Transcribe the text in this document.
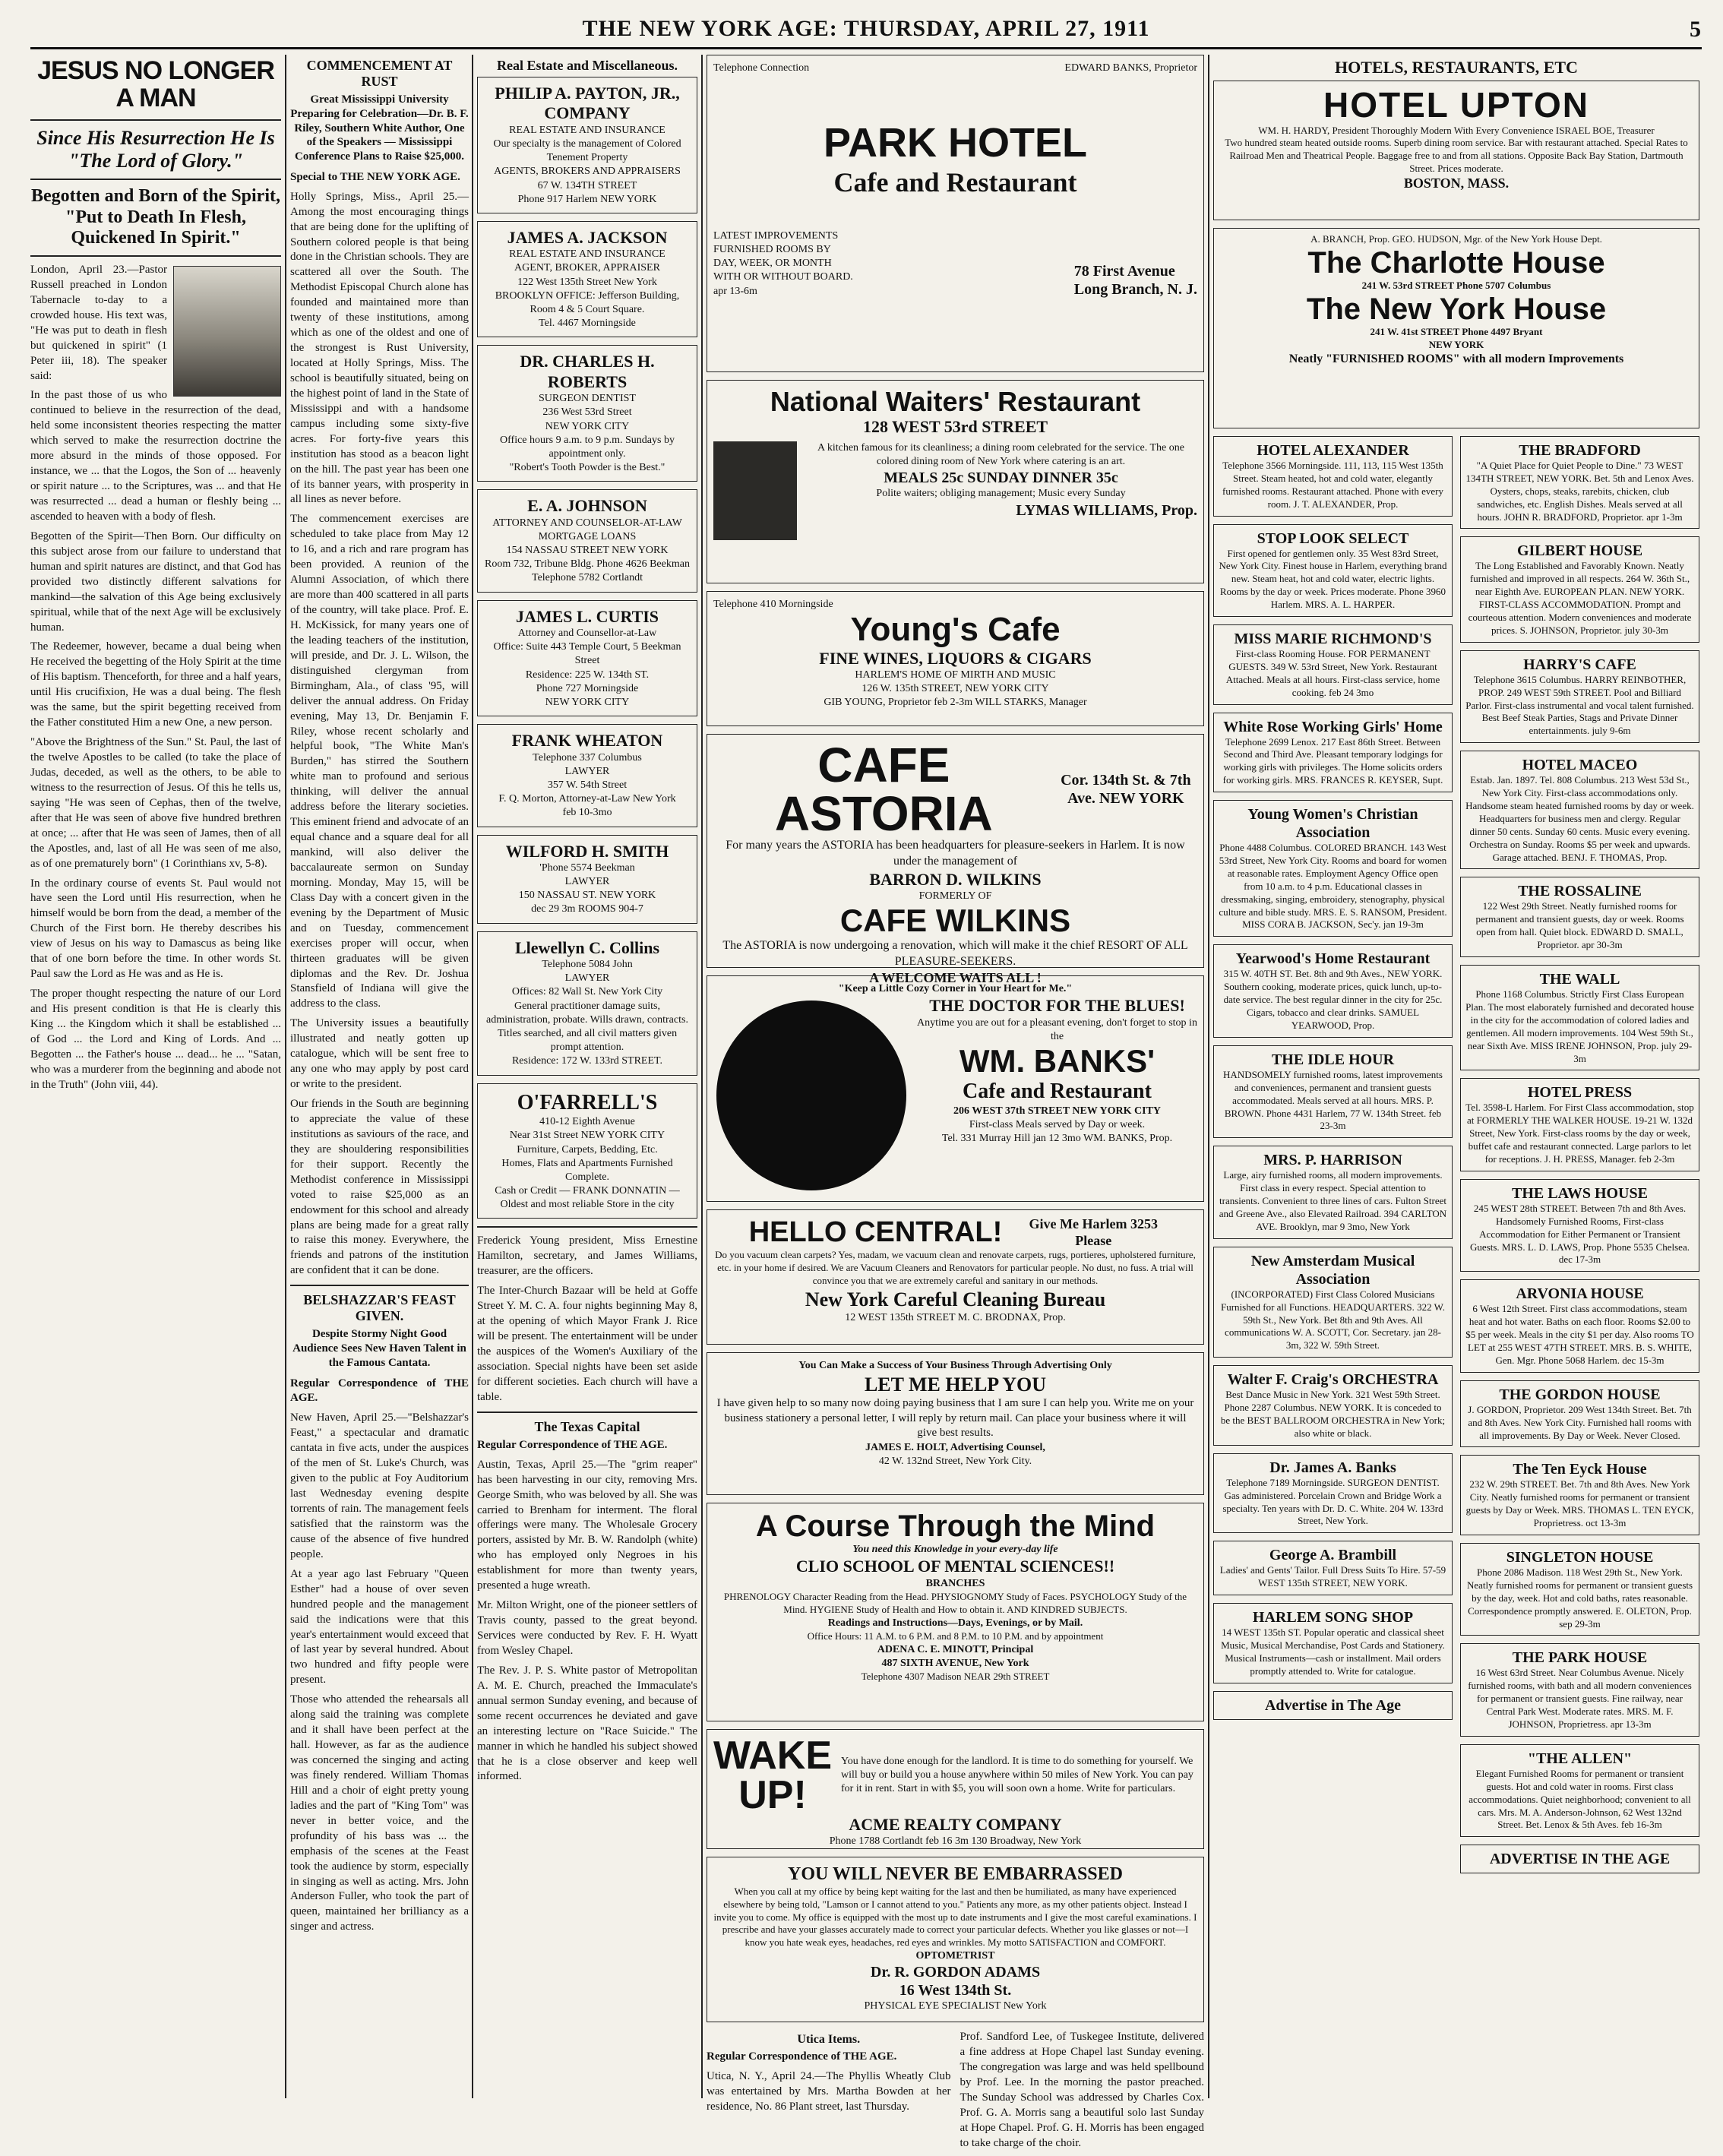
THE NEW YORK AGE: THURSDAY, APRIL 27, 1911	5
JESUS NO LONGER A MAN
Since His Resurrection He Is "The Lord of Glory."
Begotten and Born of the Spirit, "Put to Death In Flesh, Quickened In Spirit."

London, April 23.—Pastor Russell preached in London Tabernacle to-day to a crowded house. His text was, "He was put to death in flesh but quickened in spirit" (1 Peter iii, 18). The speaker said:

In the past those of us who continued to believe in the resurrection of the dead, held some inconsistent theories respecting the matter which served to make the resurrection doctrine the more absurd in the minds of those opposed. For instance, we ... that the Logos, the Son of ... heavenly or spirit nature ... to the Scriptures, was ... and that He was resurrected ... dead a human or fleshly being ... ascended to heaven with a body of flesh.

Begotten of the Spirit—Then Born. Our difficulty on this subject arose from our failure to understand that human and spirit natures are distinct, and that God has provided two distinctly different salvations for mankind—the salvation of this Age being exclusively spiritual, while that of the next Age will be exclusively human.

The Redeemer, however, became a dual being when He received the begetting of the Holy Spirit at the time of His baptism. Thenceforth, for three and a half years, until His crucifixion, He was a dual being. The flesh was the same, but the spirit begetting received from the Father constituted Him a new One, a new person.

"Above the Brightness of the Sun." St. Paul, the last of the twelve Apostles to be called (to take the place of Judas, deceded, as well as the others, to be able to witness to the resurrection of Jesus. Of this he tells us, saying "He was seen of Cephas, then of the twelve, after that He was seen of above five hundred brethren at once; ... after that He was seen of James, then of all the Apostles, and, last of all He was seen of me also, as of one prematurely born" (1 Corinthians xv, 5-8).

In the ordinary course of events St. Paul would not have seen the Lord until His resurrection, when he himself would be born from the dead, a member of the Church of the First born. He thereby describes his view of Jesus on his way to Damascus as being like that of one born before the time. In other words St. Paul saw the Lord as He was and as He is.

The proper thought respecting the nature of our Lord and His present condition is that He is clearly this King ... the Kingdom which it shall be established ... of God ... the Lord and King of Lords. And ... Begotten ... the Father's house ... dead... he ... "Satan, who was a murderer from the beginning and abode not in the Truth" (John viii, 44).

COMMENCEMENT AT RUST
Great Mississippi University Preparing for Celebration—Dr. B. F. Riley, Southern White Author, One of the Speakers — Mississippi Conference Plans to Raise $25,000.

Special to THE NEW YORK AGE.

Holly Springs, Miss., April 25.—Among the most encouraging things that are being done for the uplifting of Southern colored people is that being done in the Christian schools. They are scattered all over the South. The Methodist Episcopal Church alone has founded and maintained more than twenty of these institutions, among which as one of the oldest and one of the strongest is Rust University, located at Holly Springs, Miss. The school is beautifully situated, being on the highest point of land in the State of Mississippi and with a handsome campus including some sixty-five acres. For forty-five years this institution has stood as a beacon light on the hill. The past year has been one of its banner years, with prosperity in all lines as never before.

The commencement exercises are scheduled to take place from May 12 to 16, and a rich and rare program has been provided. A reunion of the Alumni Association, of which there are more than 400 scattered in all parts of the country, will take place. Prof. E. H. McKissick, for many years one of the leading teachers of the institution, will preside, and Dr. J. L. Wilson, the distinguished clergyman from Birmingham, Ala., of class '95, will deliver the annual address. On Friday evening, May 13, Dr. Benjamin F. Riley, whose recent scholarly and helpful book, "The White Man's Burden," has stirred the Southern white man to profound and serious thinking, will deliver the annual address before the literary societies. This eminent friend and advocate of an equal chance and a square deal for all mankind, will also deliver the baccalaureate sermon on Sunday morning. Monday, May 15, will be Class Day with a concert given in the evening by the Department of Music and on Tuesday, commencement exercises proper will occur, when thirteen graduates will be given diplomas and the Rev. Dr. Joshua Stansfield of Indiana will give the address to the class.

The University issues a beautifully illustrated and neatly gotten up catalogue, which will be sent free to any one who may apply by post card or write to the president.

Our friends in the South are beginning to appreciate the value of these institutions as saviours of the race, and they are shouldering responsibilities for their support. Recently the Methodist conference in Mississippi voted to raise $25,000 as an endowment for this school and already plans are being made for a great rally to raise this money. Everywhere, the friends and patrons of the institution are confident that it can be done.

BELSHAZZAR'S FEAST GIVEN.
Despite Stormy Night Good Audience Sees New Haven Talent in the Famous Cantata.

Regular Correspondence of THE AGE.

New Haven, April 25.—"Belshazzar's Feast," a spectacular and dramatic cantata in five acts, under the auspices of the men of St. Luke's Church, was given to the public at Foy Auditorium last Wednesday evening despite torrents of rain. The management feels satisfied that the rainstorm was the cause of the absence of five hundred people.

At a year ago last February "Queen Esther" had a house of over seven hundred people and the management said the indications were that this year's entertainment would exceed that of last year by several hundred. About two hundred and fifty people were present.

Those who attended the rehearsals all along said the training was complete and it shall have been perfect at the hall. However, as far as the audience was concerned the singing and acting was finely rendered. William Thomas Hill and a choir of eight pretty young ladies and the part of "King Tom" was never in better voice, and the profundity of his bass was ... the emphasis of the scenes at the Feast took the audience by storm, especially in singing as well as acting. Mrs. John Anderson Fuller, who took the part of queen, maintained her brilliancy as a singer and actress.

Real Estate and Miscellaneous.
PHILIP A. PAYTON, JR., COMPANY
REAL ESTATE AND INSURANCE
Our specialty is the management of Colored Tenement Property
AGENTS, BROKERS AND APPRAISERS
67 W. 134TH STREET
Phone 917 Harlem NEW YORK
JAMES A. JACKSON
REAL ESTATE AND INSURANCE
AGENT, BROKER, APPRAISER
122 West 135th Street New York
BROOKLYN OFFICE: Jefferson Building, Room 4 & 5 Court Square.
Tel. 4467 Morningside
DR. CHARLES H. ROBERTS
SURGEON DENTIST
236 West 53rd Street
NEW YORK CITY
Office hours 9 a.m. to 9 p.m. Sundays by appointment only.
"Robert's Tooth Powder is the Best."
E. A. JOHNSON
ATTORNEY AND COUNSELOR-AT-LAW
MORTGAGE LOANS
154 NASSAU STREET NEW YORK
Room 732, Tribune Bldg. Phone 4626 Beekman
Telephone 5782 Cortlandt
JAMES L. CURTIS
Attorney and Counsellor-at-Law
Office: Suite 443 Temple Court, 5 Beekman Street
Residence: 225 W. 134th ST.
Phone 727 Morningside
NEW YORK CITY
FRANK WHEATON
Telephone 337 Columbus
LAWYER
357 W. 54th Street
F. Q. Morton, Attorney-at-Law New York
feb 10-3mo
WILFORD H. SMITH
'Phone 5574 Beekman
LAWYER
150 NASSAU ST. NEW YORK
dec 29 3m ROOMS 904-7
Llewellyn C. Collins
Telephone 5084 John
LAWYER
Offices: 82 Wall St. New York City
General practitioner damage suits, administration, probate. Wills drawn, contracts. Titles searched, and all civil matters given prompt attention.
Residence: 172 W. 133rd STREET.
O'FARRELL'S
410-12 Eighth Avenue
Near 31st Street NEW YORK CITY
Furniture, Carpets, Bedding, Etc.
Homes, Flats and Apartments Furnished Complete.
Cash or Credit — FRANK DONNATIN — Oldest and most reliable Store in the city

Frederick Young president, Miss Ernestine Hamilton, secretary, and James Williams, treasurer, are the officers.

The Inter-Church Bazaar will be held at Goffe Street Y. M. C. A. four nights beginning May 8, at the opening of which Mayor Frank J. Rice will be present. The entertainment will be under the auspices of the Women's Auxiliary of the association. Special nights have been set aside for different societies. Each church will have a table.

The Texas Capital

Regular Correspondence of THE AGE.

Austin, Texas, April 25.—The "grim reaper" has been harvesting in our city, removing Mrs. George Smith, who was beloved by all. She was carried to Brenham for interment. The floral offerings were many. The Wholesale Grocery porters, assisted by Mr. B. W. Randolph (white) who has employed only Negroes in his establishment for more than twenty years, presented a huge wreath.

Mr. Milton Wright, one of the pioneer settlers of Travis county, passed to the great beyond. Services were conducted by Rev. F. H. Wyatt from Wesley Chapel.

The Rev. J. P. S. White pastor of Metropolitan A. M. E. Church, preached the Immaculate's annual sermon Sunday evening, and because of some recent occurrences he deviated and gave an interesting lecture on "Race Suicide." The manner in which he handled his subject showed that he is a close observer and keep well informed.

Telephone Connection	EDWARD BANKS, Proprietor
PARK HOTEL
Cafe and Restaurant
LATEST IMPROVEMENTS
FURNISHED ROOMS BY
DAY, WEEK, OR MONTH
WITH OR WITHOUT BOARD.
apr 13-6m
78 First Avenue
Long Branch, N. J.
National Waiters' Restaurant
128 WEST 53rd STREET
A kitchen famous for its cleanliness; a dining room celebrated for the service. The one colored dining room of New York where catering is an art.
MEALS 25c SUNDAY DINNER 35c
Polite waiters; obliging management; Music every Sunday
LYMAS WILLIAMS, Prop.
Telephone 410 Morningside
Young's Cafe
FINE WINES, LIQUORS & CIGARS
HARLEM'S HOME OF MIRTH AND MUSIC
126 W. 135th STREET, NEW YORK CITY
GIB YOUNG, Proprietor feb 2-3m WILL STARKS, Manager
CAFE ASTORIA
Cor. 134th St. & 7th Ave. NEW YORK
For many years the ASTORIA has been headquarters for pleasure-seekers in Harlem. It is now under the management of
BARRON D. WILKINS
FORMERLY OF
CAFE WILKINS
The ASTORIA is now undergoing a renovation, which will make it the chief RESORT OF ALL PLEASURE-SEEKERS.
A WELCOME WAITS ALL !
"Keep a Little Cozy Corner in Your Heart for Me."
THE DOCTOR FOR THE BLUES!
Anytime you are out for a pleasant evening, don't forget to stop in the
WM. BANKS'
Cafe and Restaurant
206 WEST 37th STREET NEW YORK CITY
First-class Meals served by Day or week.
Tel. 331 Murray Hill jan 12 3mo WM. BANKS, Prop.
HELLO CENTRAL! Give Me Harlem 3253 Please
Do you vacuum clean carpets? Yes, madam, we vacuum clean and renovate carpets, rugs, portieres, upholstered furniture, etc. in your home if desired. We are Vacuum Cleaners and Renovators for particular people. No dust, no fuss. A trial will convince you that we are extremely careful and sanitary in our methods.
New York Careful Cleaning Bureau
12 WEST 135th STREET M. C. BRODNAX, Prop.
You Can Make a Success of Your Business Through Advertising Only
LET ME HELP YOU
I have given help to so many now doing paying business that I am sure I can help you. Write me on your business stationery a personal letter, I will reply by return mail. Can place your business where it will give best results.
JAMES E. HOLT, Advertising Counsel,
42 W. 132nd Street, New York City.
A Course Through the Mind
You need this Knowledge in your every-day life
CLIO SCHOOL OF MENTAL SCIENCES!!
BRANCHES
PHRENOLOGY Character Reading from the Head. PHYSIOGNOMY Study of Faces. PSYCHOLOGY Study of the Mind. HYGIENE Study of Health and How to obtain it. AND KINDRED SUBJECTS.
Readings and Instructions—Days, Evenings, or by Mail.
Office Hours: 11 A.M. to 6 P.M. and 8 P.M. to 10 P.M. and by appointment
ADENA C. E. MINOTT, Principal
487 SIXTH AVENUE, New York
Telephone 4307 Madison NEAR 29th STREET
WAKE UP!
You have done enough for the landlord. It is time to do something for yourself. We will buy or build you a house anywhere within 50 miles of New York. You can pay for it in rent. Start in with $5, you will soon own a home. Write for particulars.
ACME REALTY COMPANY
Phone 1788 Cortlandt feb 16 3m 130 Broadway, New York
YOU WILL NEVER BE EMBARRASSED
When you call at my office by being kept waiting for the last and then be humiliated, as many have experienced elsewhere by being told, "Lamson or I cannot attend to you." Patients any more, as my other patients object. Instead I invite you to come. My office is equipped with the most up to date instruments and I give the most careful examinations. I prescribe and have your glasses accurately made to correct your particular defects. Whether you like glasses or not—I know you hate weak eyes, headaches, red eyes and wrinkles. My motto SATISFACTION and COMFORT.
OPTOMETRIST
Dr. R. GORDON ADAMS
16 West 134th St.
PHYSICAL EYE SPECIALIST New York
Utica Items.

Regular Correspondence of THE AGE.

Utica, N. Y., April 24.—The Phyllis Wheatly Club was entertained by Mrs. Martha Bowden at her residence, No. 86 Plant street, last Thursday.

Prof. Sandford Lee, of Tuskegee Institute, delivered a fine address at Hope Chapel last Sunday evening. The congregation was large and was held spellbound by Prof. Lee. In the morning the pastor preached. The Sunday School was addressed by Charles Cox. Prof. G. A. Morris sang a beautiful solo last Sunday at Hope Chapel. Prof. G. H. Morris has been engaged to take charge of the choir.

HOTELS, RESTAURANTS, ETC
HOTEL UPTON
WM. H. HARDY, President Thoroughly Modern With Every Convenience ISRAEL BOE, Treasurer
Two hundred steam heated outside rooms. Superb dining room service. Bar with restaurant attached. Special Rates to Railroad Men and Theatrical People. Baggage free to and from all stations. Opposite Back Bay Station, Dartmouth Street. Prices moderate.
BOSTON, MASS.
A. BRANCH, Prop. GEO. HUDSON, Mgr. of the New York House Dept.
The Charlotte House
241 W. 53rd STREET Phone 5707 Columbus
The New York House
241 W. 41st STREET Phone 4497 Bryant
NEW YORK
Neatly "FURNISHED ROOMS" with all modern Improvements
HOTEL ALEXANDER
Telephone 3566 Morningside. 111, 113, 115 West 135th Street. Steam heated, hot and cold water, elegantly furnished rooms. Restaurant attached. Phone with every room. J. T. ALEXANDER, Prop.
STOP LOOK SELECT
First opened for gentlemen only. 35 West 83rd Street, New York City. Finest house in Harlem, everything brand new. Steam heat, hot and cold water, electric lights. Rooms by the day or week. Prices moderate. Phone 3960 Harlem. MRS. A. L. HARPER.
MISS MARIE RICHMOND'S
First-class Rooming House. FOR PERMANENT GUESTS. 349 W. 53rd Street, New York. Restaurant Attached. Meals at all hours. First-class service, home cooking. feb 24 3mo
White Rose Working Girls' Home
Telephone 2699 Lenox. 217 East 86th Street. Between Second and Third Ave. Pleasant temporary lodgings for working girls with privileges. The Home solicits orders for working girls. MRS. FRANCES R. KEYSER, Supt.
Young Women's Christian Association
Phone 4488 Columbus. COLORED BRANCH. 143 West 53rd Street, New York City. Rooms and board for women at reasonable rates. Employment Agency Office open from 10 a.m. to 4 p.m. Educational classes in dressmaking, singing, embroidery, stenography, physical culture and bible study. MRS. E. S. RANSOM, President. MISS CORA B. JACKSON, Sec'y. jan 19-3m
Yearwood's Home Restaurant
315 W. 40TH ST. Bet. 8th and 9th Aves., NEW YORK. Southern cooking, moderate prices, quick lunch, up-to-date service. The best regular dinner in the city for 25c. Cigars, tobacco and clear drinks. SAMUEL YEARWOOD, Prop.
THE IDLE HOUR
HANDSOMELY furnished rooms, latest improvements and conveniences, permanent and transient guests accommodated. Meals served at all hours. MRS. P. BROWN. Phone 4431 Harlem, 77 W. 134th Street. feb 23-3m
MRS. P. HARRISON
Large, airy furnished rooms, all modern improvements. First class in every respect. Special attention to transients. Convenient to three lines of cars. Fulton Street and Greene Ave., also Elevated Railroad. 394 CARLTON AVE. Brooklyn, mar 9 3mo, New York
New Amsterdam Musical Association
(INCORPORATED) First Class Colored Musicians Furnished for all Functions. HEADQUARTERS. 322 W. 59th St., New York. Bet 8th and 9th Aves. All communications W. A. SCOTT, Cor. Secretary. jan 28-3m, 322 W. 59th Street.
Walter F. Craig's ORCHESTRA
Best Dance Music in New York. 321 West 59th Street. Phone 2287 Columbus. NEW YORK. It is conceded to be the BEST BALLROOM ORCHESTRA in New York; also white or black.
Dr. James A. Banks
Telephone 7189 Morningside. SURGEON DENTIST. Gas administered. Porcelain Crown and Bridge Work a specialty. Ten years with Dr. D. C. White. 204 W. 133rd Street, New York.
George A. Brambill
Ladies' and Gents' Tailor. Full Dress Suits To Hire. 57-59 WEST 135th STREET, NEW YORK.
HARLEM SONG SHOP
14 WEST 135th ST. Popular operatic and classical sheet Music, Musical Merchandise, Post Cards and Stationery. Musical Instruments—cash or installment. Mail orders promptly attended to. Write for catalogue.
Advertise in The Age
THE BRADFORD
"A Quiet Place for Quiet People to Dine." 73 WEST 134TH STREET, NEW YORK. Bet. 5th and Lenox Aves. Oysters, chops, steaks, rarebits, chicken, club sandwiches, etc. English Dishes. Meals served at all hours. JOHN R. BRADFORD, Proprietor. apr 1-3m
GILBERT HOUSE
The Long Established and Favorably Known. Neatly furnished and improved in all respects. 264 W. 36th St., near Eighth Ave. EUROPEAN PLAN. NEW YORK. FIRST-CLASS ACCOMMODATION. Prompt and courteous attention. Modern conveniences and moderate prices. S. JOHNSON, Proprietor. july 30-3m
HARRY'S CAFE
Telephone 3615 Columbus. HARRY REINBOTHER, PROP. 249 WEST 59th STREET. Pool and Billiard Parlor. First-class instrumental and vocal talent furnished. Best Beef Steak Parties, Stags and Private Dinner entertainments. july 9-6m
HOTEL MACEO
Estab. Jan. 1897. Tel. 808 Columbus. 213 West 53d St., New York City. First-class accommodations only. Handsome steam heated furnished rooms by day or week. Headquarters for business men and clergy. Regular dinner 50 cents. Sunday 60 cents. Music every evening. Orchestra on Sunday. Rooms $5 per week and upwards. Garage attached. BENJ. F. THOMAS, Prop.
THE ROSSALINE
122 West 29th Street. Neatly furnished rooms for permanent and transient guests, day or week. Rooms open from hall. Quiet block. EDWARD D. SMALL, Proprietor. apr 30-3m
THE WALL
Phone 1168 Columbus. Strictly First Class European Plan. The most elaborately furnished and decorated house in the city for the accommodation of colored ladies and gentlemen. All modern improvements. 104 West 59th St., near Sixth Ave. MISS IRENE JOHNSON, Prop. july 29-3m
HOTEL PRESS
Tel. 3598-L Harlem. For First Class accommodation, stop at FORMERLY THE WALKER HOUSE. 19-21 W. 132d Street, New York. First-class rooms by the day or week, buffet cafe and restaurant connected. Large parlors to let for receptions. J. H. PRESS, Manager. feb 2-3m
THE LAWS HOUSE
245 WEST 28th STREET. Between 7th and 8th Aves. Handsomely Furnished Rooms, First-class Accommodation for Either Permanent or Transient Guests. MRS. L. D. LAWS, Prop. Phone 5535 Chelsea. dec 17-3m
ARVONIA HOUSE
6 West 12th Street. First class accommodations, steam heat and hot water. Baths on each floor. Rooms $2.00 to $5 per week. Meals in the city $1 per day. Also rooms TO LET at 255 WEST 47TH STREET. MRS. B. S. WHITE, Gen. Mgr. Phone 5068 Harlem. dec 15-3m
THE GORDON HOUSE
J. GORDON, Proprietor. 209 West 134th Street. Bet. 7th and 8th Aves. New York City. Furnished hall rooms with all improvements. By Day or Week. Never Closed.
The Ten Eyck House
232 W. 29th STREET. Bet. 7th and 8th Aves. New York City. Neatly furnished rooms for permanent or transient guests by Day or Week. MRS. THOMAS L. TEN EYCK, Proprietress. oct 13-3m
SINGLETON HOUSE
Phone 2086 Madison. 118 West 29th St., New York. Neatly furnished rooms for permanent or transient guests by the day, week. Hot and cold baths, rates reasonable. Correspondence promptly answered. E. OLETON, Prop. sep 29-3m
THE PARK HOUSE
16 West 63rd Street. Near Columbus Avenue. Nicely furnished rooms, with bath and all modern conveniences for permanent or transient guests. Fine railway, near Central Park West. Moderate rates. MRS. M. F. JOHNSON, Proprietress. apr 13-3m
"THE ALLEN"
Elegant Furnished Rooms for permanent or transient guests. Hot and cold water in rooms. First class accommodations. Quiet neighborhood; convenient to all cars. Mrs. M. A. Anderson-Johnson, 62 West 132nd Street. Bet. Lenox & 5th Aves. feb 16-3m
ADVERTISE IN THE AGE
